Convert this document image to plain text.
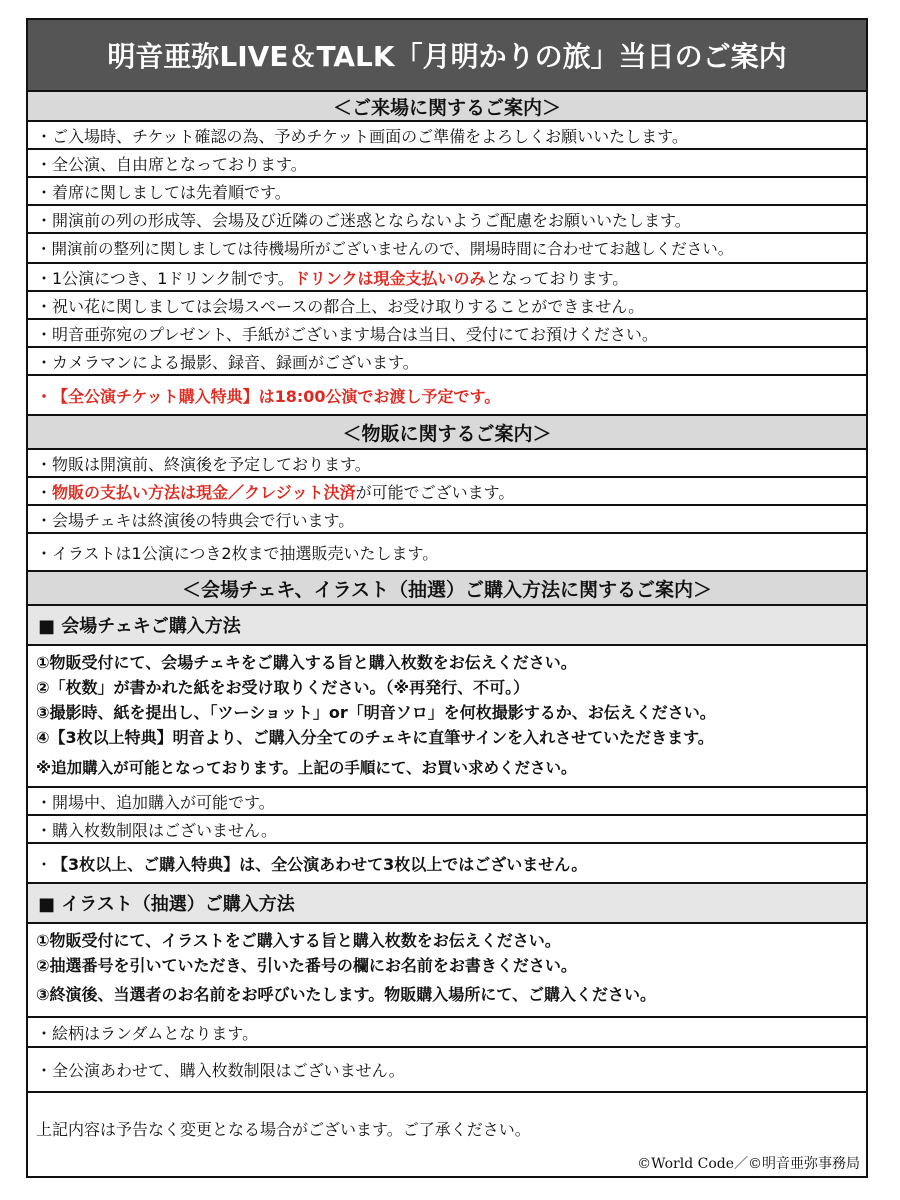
明音亜弥LIVE＆TALK「月明かりの旅」当日のご案内
＜ご来場に関するご案内＞
・ご入場時、チケット確認の為、予めチケット画面のご準備をよろしくお願いいたします。
・全公演、自由席となっております。
・着席に関しましては先着順です。
・開演前の列の形成等、会場及び近隣のご迷惑とならないようご配慮をお願いいたします。
・開演前の整列に関しましては待機場所がございませんので、開場時間に合わせてお越しください。
・1公演につき、1ドリンク制です。 ドリンクは現金支払いのみ となっております。
・祝い花に関しましては会場スペースの都合上、お受け取りすることができません。
・明音亜弥宛のプレゼント、手紙がございます場合は当日、受付にてお預けください。
・カメラマンによる撮影、録音、録画がございます。
・ 【全公演チケット購入特典】は18:00公演でお渡し予定です。
＜物販に関するご案内＞
・物販は開演前、終演後を予定しております。
・ 物販の支払い方法は現金／クレジット決済 が可能でございます。
・会場チェキは終演後の特典会で行います。
・イラストは1公演につき2枚まで抽選販売いたします。
＜会場チェキ、イラスト（抽選）ご購入方法に関するご案内＞
■ 会場チェキご購入方法
①物販受付にて、会場チェキをご購入する旨と購入枚数をお伝えください。
②「枚数」が書かれた紙をお受け取りください。（※再発行、不可。）
③撮影時、紙を提出し、「ツーショット」or「明音ソロ」を何枚撮影するか、お伝えください。
④【3枚以上特典】明音より、ご購入分全てのチェキに直筆サインを入れさせていただきます。
※追加購入が可能となっております。上記の手順にて、お買い求めください。
・開場中、追加購入が可能です。
・購入枚数制限はございません。
・ 【3枚以上、ご購入特典】は、全公演あわせて3枚以上ではございません。
■ イラスト（抽選）ご購入方法
①物販受付にて、イラストをご購入する旨と購入枚数をお伝えください。
②抽選番号を引いていただき、引いた番号の欄にお名前をお書きください。
③終演後、当選者のお名前をお呼びいたします。物販購入場所にて、ご購入ください。
・絵柄はランダムとなります。
・全公演あわせて、購入枚数制限はございません。
上記内容は予告なく変更となる場合がございます。ご了承ください。
©World Code／©明音亜弥事務局
